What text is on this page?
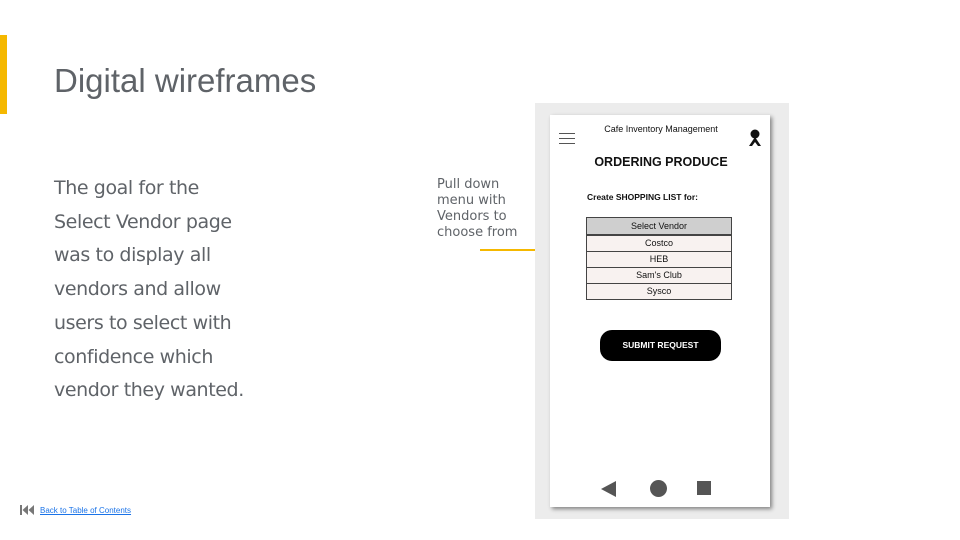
Digital wireframes

The goal for the Select Vendor page was to display all vendors and allow users to select with confidence which vendor they wanted.

Pull down menu with Vendors to choose from
Cafe Inventory Management
ORDERING PRODUCE
Create SHOPPING LIST for:
Select Vendor
Costco
HEB
Sam's Club
Sysco
SUBMIT REQUEST
Back to Table of Contents
